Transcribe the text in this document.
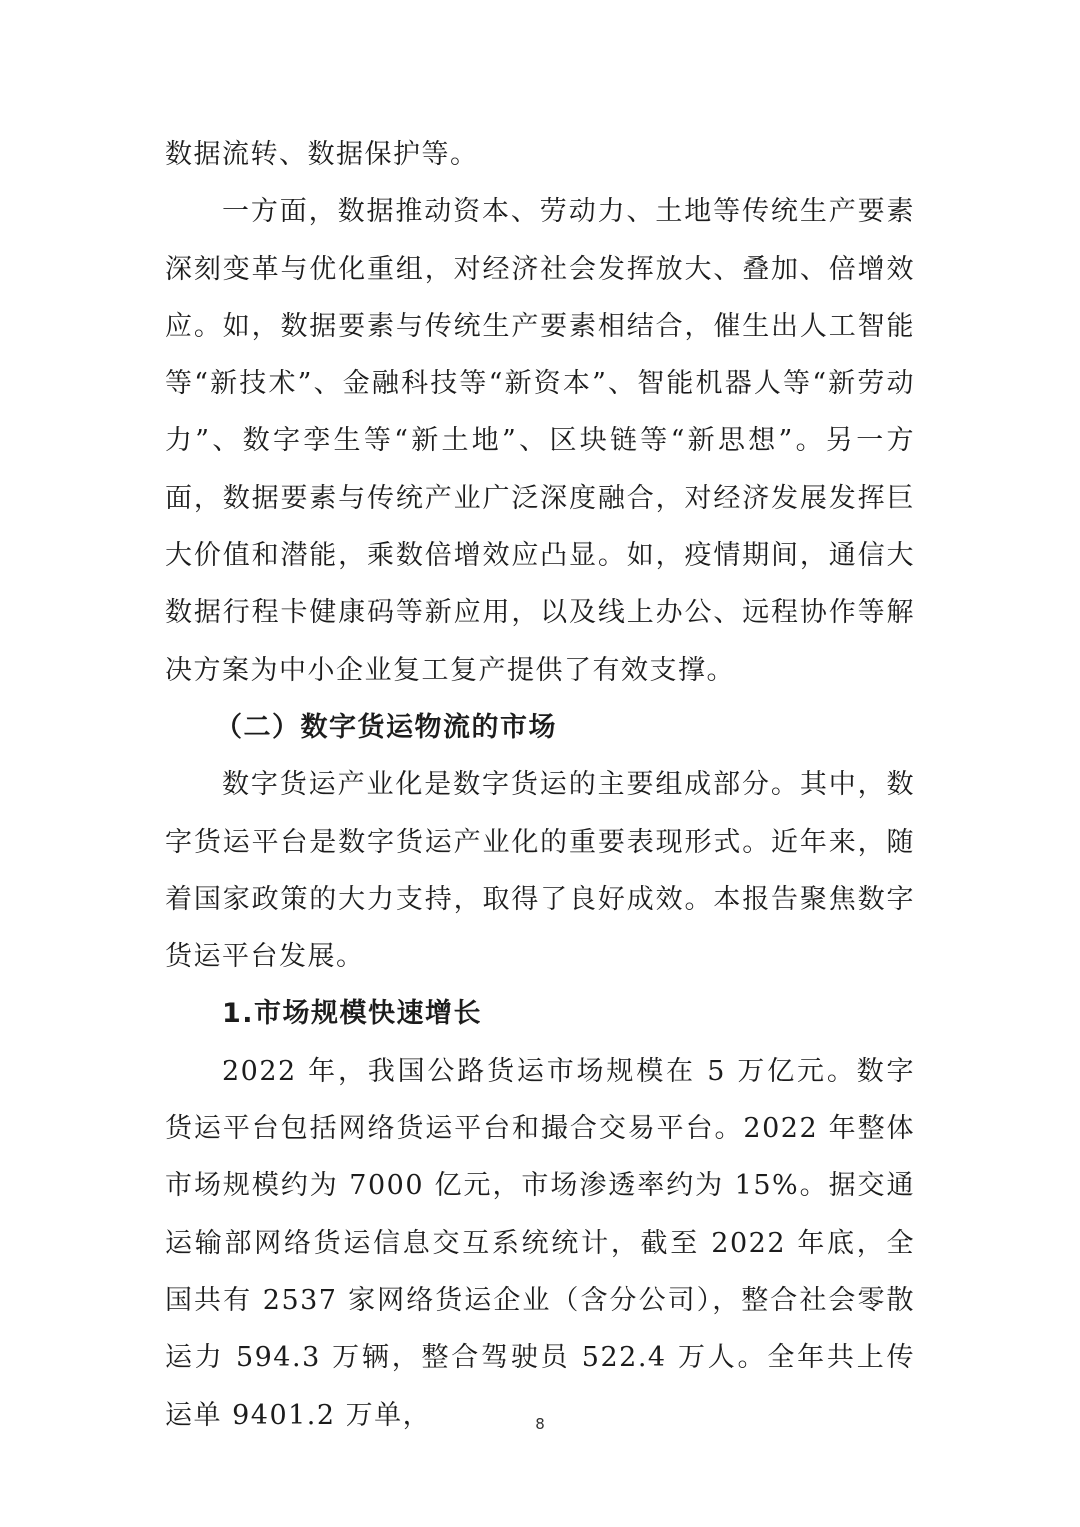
数据流转、数据保护等。

一方面，数据推动资本、劳动力、土地等传统生产要素深刻变革与优化重组，对经济社会发挥放大、叠加、倍增效应。如，数据要素与传统生产要素相结合，催生出人工智能等“新技术”、金融科技等“新资本”、智能机器人等“新劳动力”、数字孪生等“新土地”、区块链等“新思想”。另一方面，数据要素与传统产业广泛深度融合，对经济发展发挥巨大价值和潜能，乘数倍增效应凸显。如，疫情期间，通信大数据行程卡健康码等新应用，以及线上办公、远程协作等解决方案为中小企业复工复产提供了有效支撑。

（二）数字货运物流的市场

数字货运产业化是数字货运的主要组成部分。其中，数字货运平台是数字货运产业化的重要表现形式。近年来，随着国家政策的大力支持，取得了良好成效。本报告聚焦数字货运平台发展。

1.市场规模快速增长

2022 年，我国公路货运市场规模在 5 万亿元。数字货运平台包括网络货运平台和撮合交易平台。2022 年整体市场规模约为 7000 亿元，市场渗透率约为 15%。据交通运输部网络货运信息交互系统统计，截至 2022 年底，全国共有 2537 家网络货运企业（含分公司），整合社会零散运力 594.3 万辆，整合驾驶员 522.4 万人。全年共上传运单 9401.2 万单，	8
